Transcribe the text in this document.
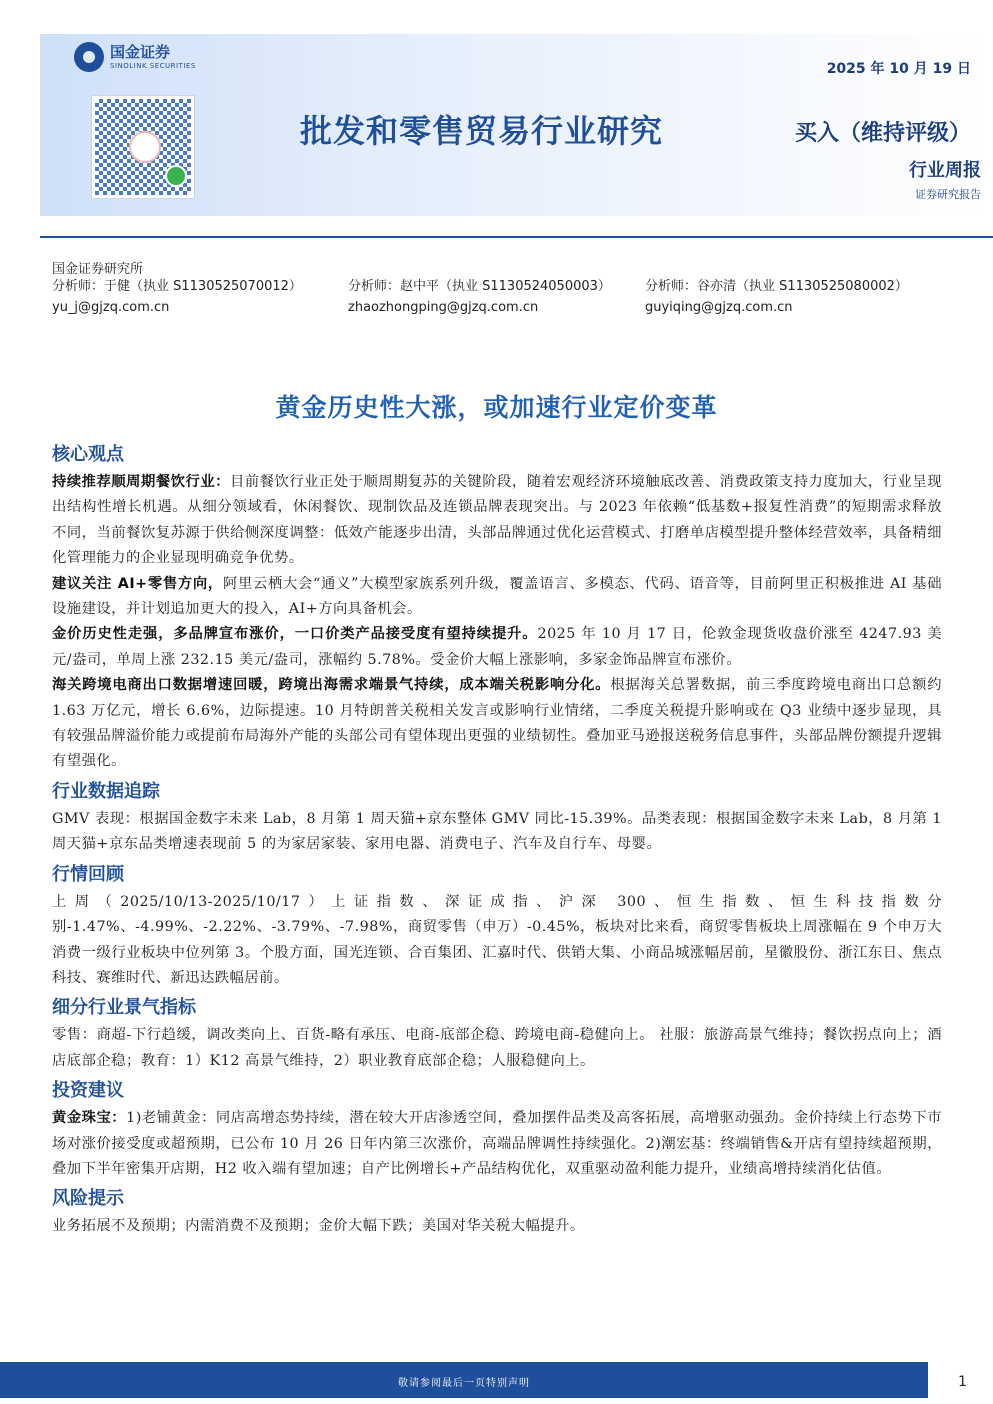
国金证券
SINOLINK SECURITIES	2025 年 10 月 19 日
批发和零售贸易行业研究	买入（维持评级）
行业周报
证券研究报告
国金证券研究所
分析师：于健（执业 S1130525070012）
yu_j@gjzq.com.cn
分析师：赵中平（执业 S1130524050003）
zhaozhongping@gjzq.com.cn
分析师：谷亦清（执业 S1130525080002）
guyiqing@gjzq.com.cn
黄金历史性大涨，或加速行业定价变革
核心观点
持续推荐顺周期餐饮行业：目前餐饮行业正处于顺周期复苏的关键阶段，随着宏观经济环境触底改善、消费政策支持力度加大，行业呈现出结构性增长机遇。从细分领域看，休闲餐饮、现制饮品及连锁品牌表现突出。与 2023 年依赖“低基数+报复性消费”的短期需求释放不同，当前餐饮复苏源于供给侧深度调整：低效产能逐步出清，头部品牌通过优化运营模式、打磨单店模型提升整体经营效率，具备精细化管理能力的企业显现明确竞争优势。
建议关注 AI+零售方向，阿里云栖大会“通义”大模型家族系列升级，覆盖语言、多模态、代码、语音等，目前阿里正积极推进 AI 基础设施建设，并计划追加更大的投入，AI+方向具备机会。
金价历史性走强，多品牌宣布涨价，一口价类产品接受度有望持续提升。2025 年 10 月 17 日，伦敦金现货收盘价涨至 4247.93 美元/盎司，单周上涨 232.15 美元/盎司，涨幅约 5.78%。受金价大幅上涨影响，多家金饰品牌宣布涨价。
海关跨境电商出口数据增速回暖，跨境出海需求端景气持续，成本端关税影响分化。根据海关总署数据，前三季度跨境电商出口总额约 1.63 万亿元，增长 6.6%，边际提速。10 月特朗普关税相关发言或影响行业情绪，二季度关税提升影响或在 Q3 业绩中逐步显现，具有较强品牌溢价能力或提前布局海外产能的头部公司有望体现出更强的业绩韧性。叠加亚马逊报送税务信息事件，头部品牌份额提升逻辑有望强化。
行业数据追踪
GMV 表现：根据国金数字未来 Lab，8 月第 1 周天猫+京东整体 GMV 同比-15.39%。品类表现：根据国金数字未来 Lab，8 月第 1 周天猫+京东品类增速表现前 5 的为家居家装、家用电器、消费电子、汽车及自行车、母婴。
行情回顾
上周（2025/10/13-2025/10/17）上证指数、深证成指、沪深 300、恒生指数、恒生科技指数分别-1.47%、-4.99%、-2.22%、-3.79%、-7.98%，商贸零售（申万）-0.45%，板块对比来看，商贸零售板块上周涨幅在 9 个申万大消费一级行业板块中位列第 3。个股方面，国光连锁、合百集团、汇嘉时代、供销大集、小商品城涨幅居前，星徽股份、浙江东日、焦点科技、赛维时代、新迅达跌幅居前。
细分行业景气指标
零售：商超-下行趋缓，调改类向上、百货-略有承压、电商-底部企稳、跨境电商-稳健向上。 社服：旅游高景气维持；餐饮拐点向上；酒店底部企稳；教育：1）K12 高景气维持，2）职业教育底部企稳；人服稳健向上。
投资建议
黄金珠宝：1)老铺黄金：同店高增态势持续，潜在较大开店渗透空间，叠加摆件品类及高客拓展，高增驱动强劲。金价持续上行态势下市场对涨价接受度或超预期，已公布 10 月 26 日年内第三次涨价，高端品牌调性持续强化。2)潮宏基：终端销售&开店有望持续超预期，叠加下半年密集开店期，H2 收入端有望加速；自产比例增长+产品结构优化，双重驱动盈利能力提升，业绩高增持续消化估值。
风险提示
业务拓展不及预期；内需消费不及预期；金价大幅下跌；美国对华关税大幅提升。
敬请参阅最后一页特别声明	1
